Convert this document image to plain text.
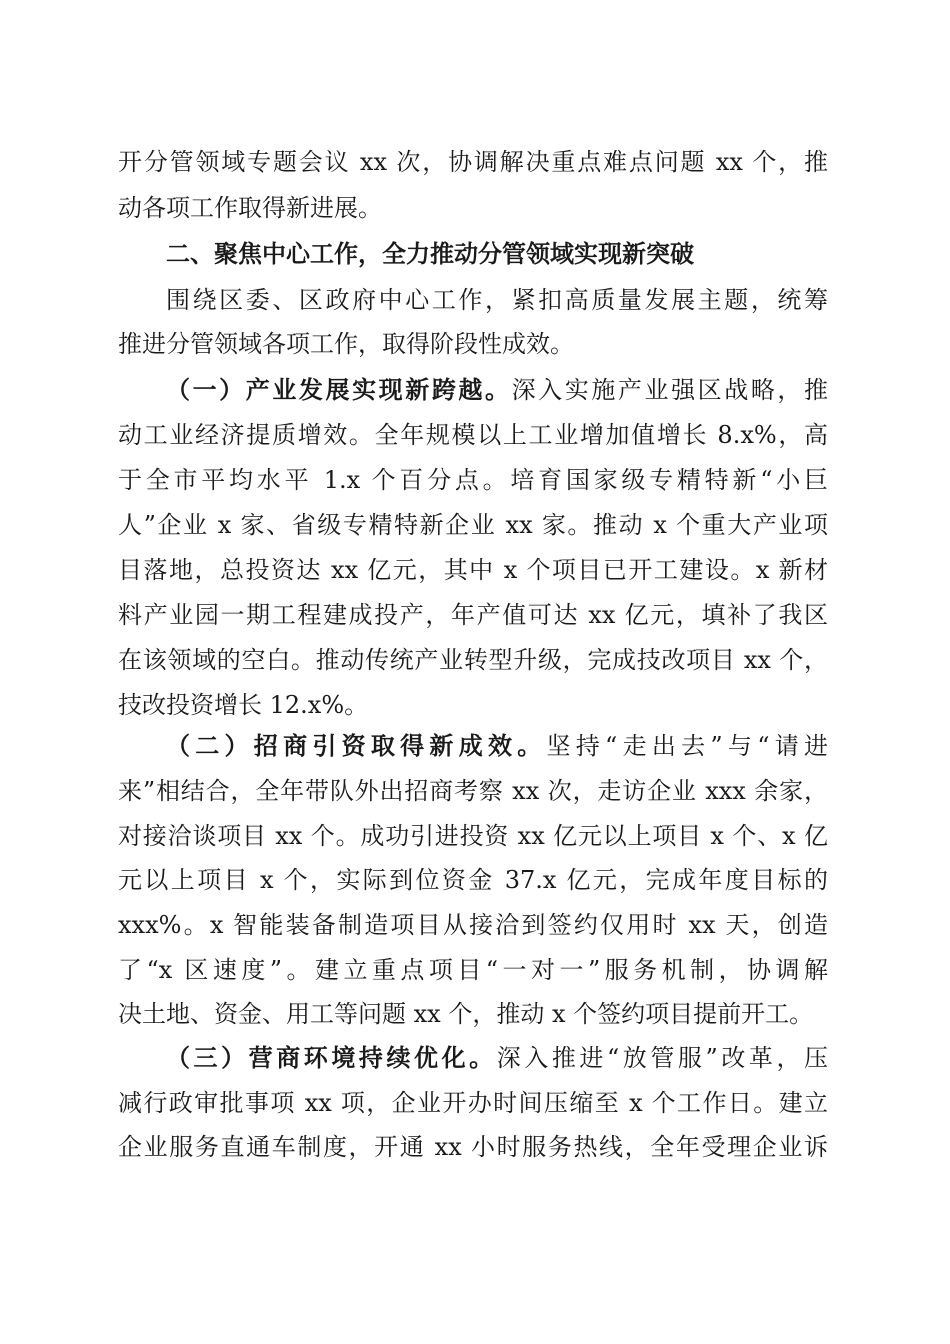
开分管领域专题会议 xx 次，协调解决重点难点问题 xx 个，推
动各项工作取得新进展。
二、聚焦中心工作，全力推动分管领域实现新突破
围绕区委、区政府中心工作，紧扣高质量发展主题，统筹
推进分管领域各项工作，取得阶段性成效。
（一）产业发展实现新跨越。深入实施产业强区战略，推
动工业经济提质增效。全年规模以上工业增加值增长 8.x%，高
于全市平均水平 1.x 个百分点。培育国家级专精特新“小巨
人”企业 x 家、省级专精特新企业 xx 家。推动 x 个重大产业项
目落地，总投资达 xx 亿元，其中 x 个项目已开工建设。x 新材
料产业园一期工程建成投产，年产值可达 xx 亿元，填补了我区
在该领域的空白。推动传统产业转型升级，完成技改项目 xx 个，
技改投资增长 12.x%。
（二）招商引资取得新成效。坚持“走出去”与“请进
来”相结合，全年带队外出招商考察 xx 次，走访企业 xxx 余家，
对接洽谈项目 xx 个。成功引进投资 xx 亿元以上项目 x 个、x 亿
元以上项目 x 个，实际到位资金 37.x 亿元，完成年度目标的
xxx%。x 智能装备制造项目从接洽到签约仅用时 xx 天，创造
了“x 区速度”。建立重点项目“一对一”服务机制，协调解
决土地、资金、用工等问题 xx 个，推动 x 个签约项目提前开工。
（三）营商环境持续优化。深入推进“放管服”改革，压
减行政审批事项 xx 项，企业开办时间压缩至 x 个工作日。建立
企业服务直通车制度，开通 xx 小时服务热线，全年受理企业诉
